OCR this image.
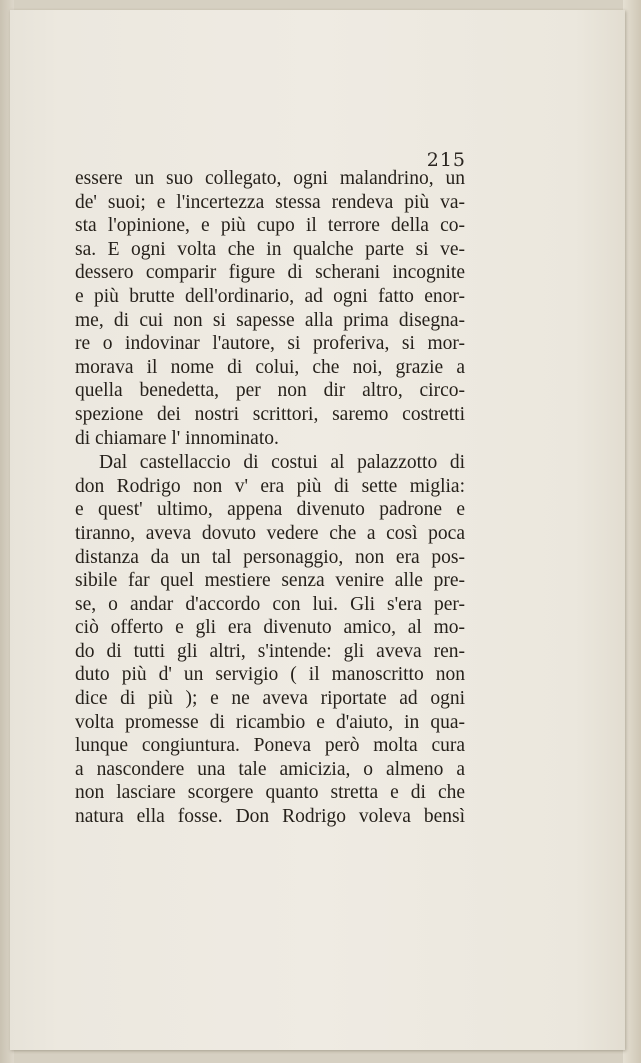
215
essere un suo collegato, ogni malandrino, un
de' suoi; e l'incertezza stessa rendeva più va-
sta l'opinione, e più cupo il terrore della co-
sa. E ogni volta che in qualche parte si ve-
dessero comparir figure di scherani incognite
e più brutte dell'ordinario, ad ogni fatto enor-
me, di cui non si sapesse alla prima disegna-
re o indovinar l'autore, si proferiva, si mor-
morava il nome di colui, che noi, grazie a
quella benedetta, per non dir altro, circo-
spezione dei nostri scrittori, saremo costretti
di chiamare l' innominato.
Dal castellaccio di costui al palazzotto di
don Rodrigo non v' era più di sette miglia:
e quest' ultimo, appena divenuto padrone e
tiranno, aveva dovuto vedere che a così poca
distanza da un tal personaggio, non era pos-
sibile far quel mestiere senza venire alle pre-
se, o andar d'accordo con lui. Gli s'era per-
ciò offerto e gli era divenuto amico, al mo-
do di tutti gli altri, s'intende: gli aveva ren-
duto più d' un servigio ( il manoscritto non
dice di più ); e ne aveva riportate ad ogni
volta promesse di ricambio e d'aiuto, in qua-
lunque congiuntura. Poneva però molta cura
a nascondere una tale amicizia, o almeno a
non lasciare scorgere quanto stretta e di che
natura ella fosse. Don Rodrigo voleva bensì
